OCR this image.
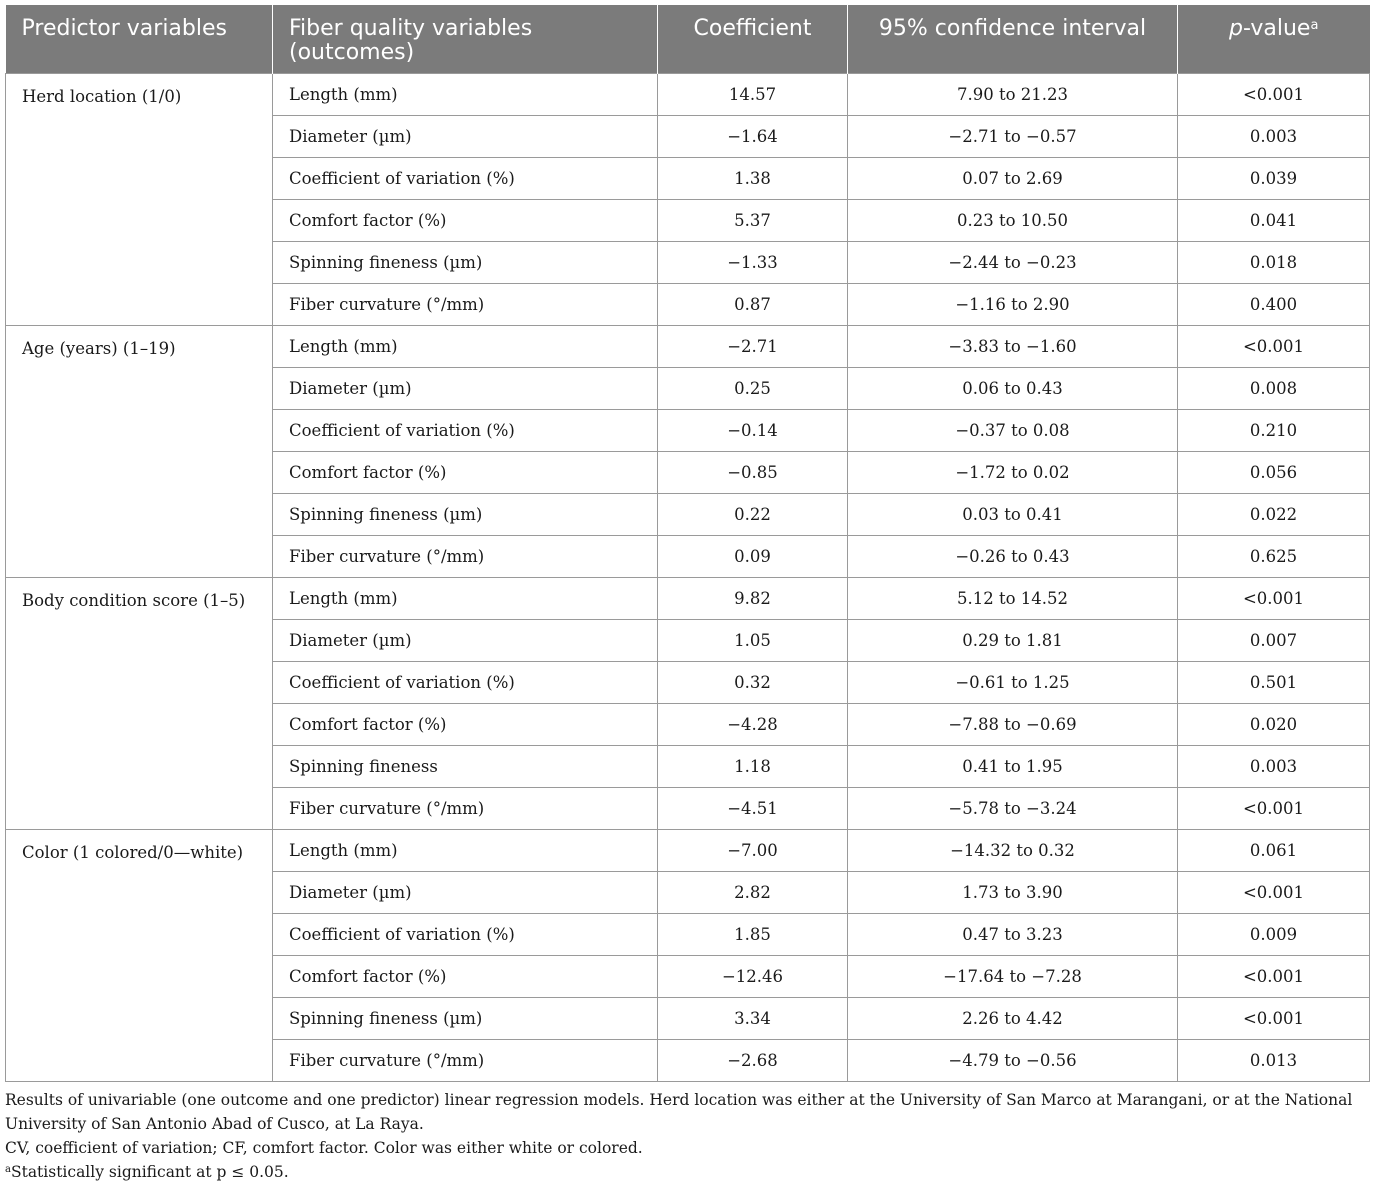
Predictor variables	Fiber quality variables (outcomes)	Coefficient	95% confidence interval	p-value$^a$
Herd location (1/0)	Length (mm)	14.57	7.90 to 21.23	<0.001
	Diameter (µm)	−1.64	−2.71 to −0.57	0.003
	Coefficient of variation (%)	1.38	0.07 to 2.69	0.039
	Comfort factor (%)	5.37	0.23 to 10.50	0.041
	Spinning fineness (µm)	−1.33	−2.44 to −0.23	0.018
	Fiber curvature (°/mm)	0.87	−1.16 to 2.90	0.400
Age (years) (1–19)	Length (mm)	−2.71	−3.83 to −1.60	<0.001
	Diameter (µm)	0.25	0.06 to 0.43	0.008
	Coefficient of variation (%)	−0.14	−0.37 to 0.08	0.210
	Comfort factor (%)	−0.85	−1.72 to 0.02	0.056
	Spinning fineness (µm)	0.22	0.03 to 0.41	0.022
	Fiber curvature (°/mm)	0.09	−0.26 to 0.43	0.625
Body condition score (1–5)	Length (mm)	9.82	5.12 to 14.52	<0.001
	Diameter (µm)	1.05	0.29 to 1.81	0.007
	Coefficient of variation (%)	0.32	−0.61 to 1.25	0.501
	Comfort factor (%)	−4.28	−7.88 to −0.69	0.020
	Spinning fineness	1.18	0.41 to 1.95	0.003
	Fiber curvature (°/mm)	−4.51	−5.78 to −3.24	<0.001
Color (1 colored/0—white)	Length (mm)	−7.00	−14.32 to 0.32	0.061
	Diameter (µm)	2.82	1.73 to 3.90	<0.001
	Coefficient of variation (%)	1.85	0.47 to 3.23	0.009
	Comfort factor (%)	−12.46	−17.64 to −7.28	<0.001
	Spinning fineness (µm)	3.34	2.26 to 4.42	<0.001
	Fiber curvature (°/mm)	−2.68	−4.79 to −0.56	0.013

Results of univariable (one outcome and one predictor) linear regression models. Herd location was either at the University of San Marco at Marangani, or at the National University of San Antonio Abad of Cusco, at La Raya.

CV, coefficient of variation; CF, comfort factor. Color was either white or colored.

$^a$Statistically significant at p ≤ 0.05.
